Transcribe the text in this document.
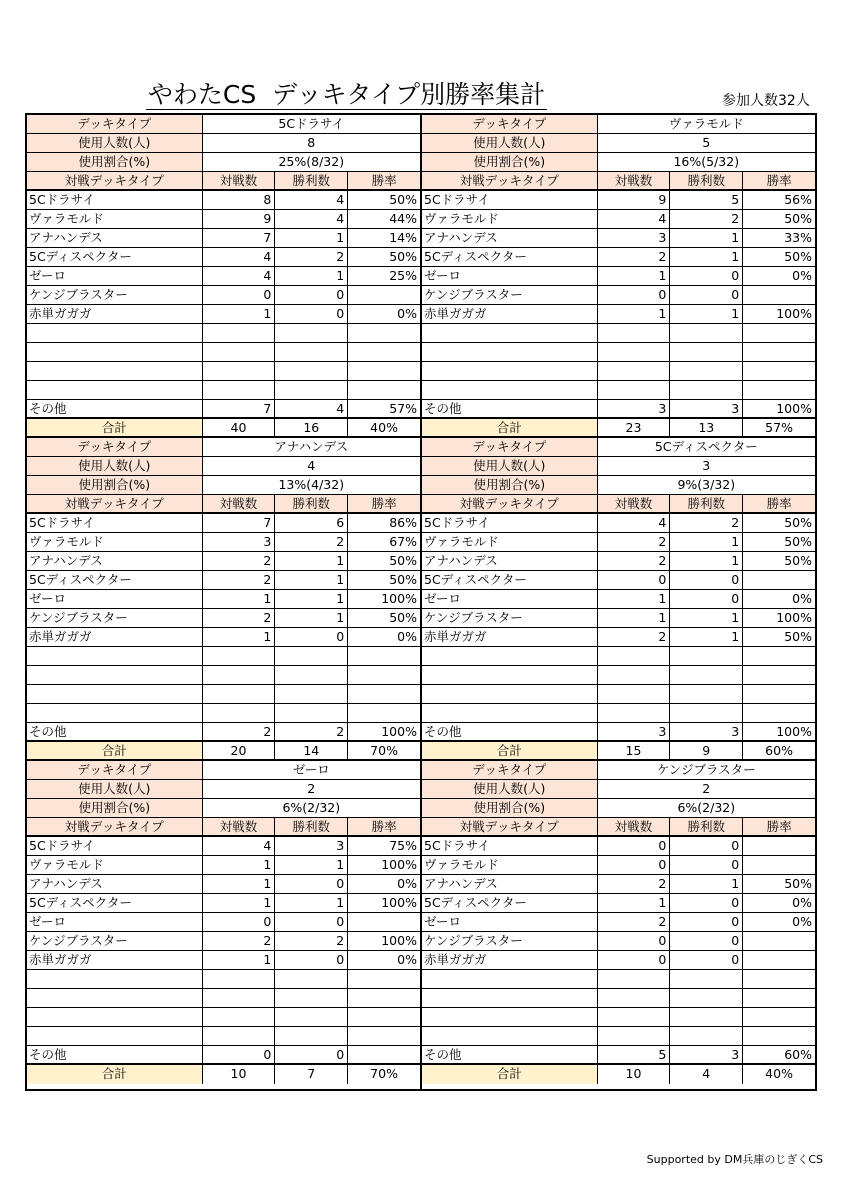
やわたCS  デッキタイプ別勝率集計	参加人数32人
デッキタイプ	5Cドラサイ
使用人数(人)	8
使用割合(%)	25%(8/32)
対戦デッキタイプ	対戦数	勝利数	勝率
5Cドラサイ	8	4	50%
ヴァラモルド	9	4	44%
アナハンデス	7	1	14%
5Cディスペクター	4	2	50%
ゼーロ	4	1	25%
ケンジブラスター	0	0
赤単ガガガ	1	0	0%
その他	7	4	57%
合計	40	16	40%
デッキタイプ	ヴァラモルド
使用人数(人)	5
使用割合(%)	16%(5/32)
対戦デッキタイプ	対戦数	勝利数	勝率
5Cドラサイ	9	5	56%
ヴァラモルド	4	2	50%
アナハンデス	3	1	33%
5Cディスペクター	2	1	50%
ゼーロ	1	0	0%
ケンジブラスター	0	0
赤単ガガガ	1	1	100%
その他	3	3	100%
合計	23	13	57%
デッキタイプ	アナハンデス
使用人数(人)	4
使用割合(%)	13%(4/32)
対戦デッキタイプ	対戦数	勝利数	勝率
5Cドラサイ	7	6	86%
ヴァラモルド	3	2	67%
アナハンデス	2	1	50%
5Cディスペクター	2	1	50%
ゼーロ	1	1	100%
ケンジブラスター	2	1	50%
赤単ガガガ	1	0	0%
その他	2	2	100%
合計	20	14	70%
デッキタイプ	5Cディスペクター
使用人数(人)	3
使用割合(%)	9%(3/32)
対戦デッキタイプ	対戦数	勝利数	勝率
5Cドラサイ	4	2	50%
ヴァラモルド	2	1	50%
アナハンデス	2	1	50%
5Cディスペクター	0	0
ゼーロ	1	0	0%
ケンジブラスター	1	1	100%
赤単ガガガ	2	1	50%
その他	3	3	100%
合計	15	9	60%
デッキタイプ	ゼーロ
使用人数(人)	2
使用割合(%)	6%(2/32)
対戦デッキタイプ	対戦数	勝利数	勝率
5Cドラサイ	4	3	75%
ヴァラモルド	1	1	100%
アナハンデス	1	0	0%
5Cディスペクター	1	1	100%
ゼーロ	0	0
ケンジブラスター	2	2	100%
赤単ガガガ	1	0	0%
その他	0	0
合計	10	7	70%
デッキタイプ	ケンジブラスター
使用人数(人)	2
使用割合(%)	6%(2/32)
対戦デッキタイプ	対戦数	勝利数	勝率
5Cドラサイ	0	0
ヴァラモルド	0	0
アナハンデス	2	1	50%
5Cディスペクター	1	0	0%
ゼーロ	2	0	0%
ケンジブラスター	0	0
赤単ガガガ	0	0
その他	5	3	60%
合計	10	4	40%
Supported by DM兵庫のじぎくCS
